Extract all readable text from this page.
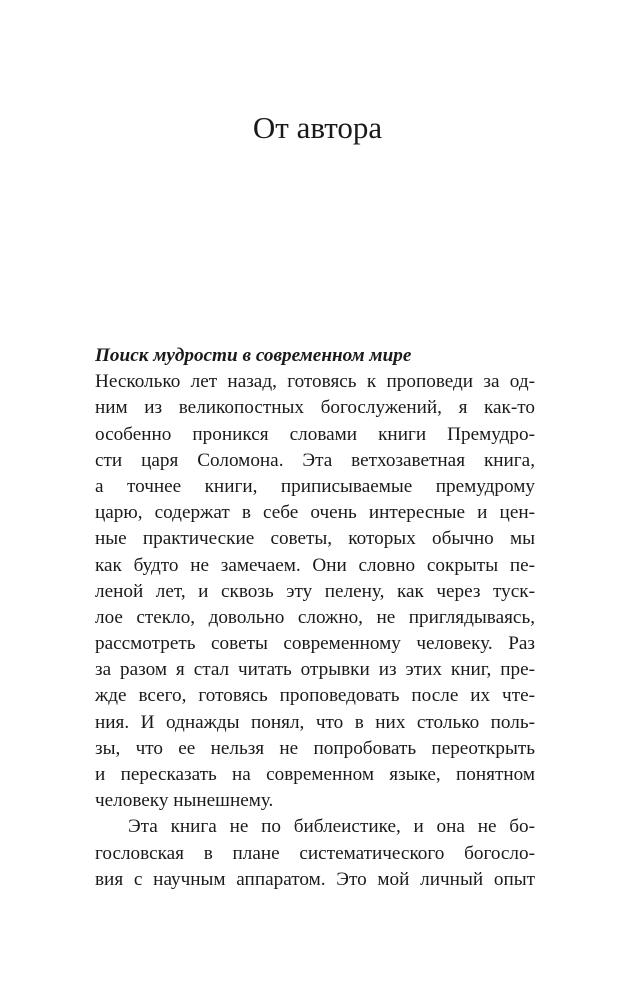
От автора
Поиск мудрости в современном мире
Несколько лет назад, готовясь к проповеди за од-
ним из великопостных богослужений, я как-то
особенно проникся словами книги Премудро-
сти царя Соломона. Эта ветхозаветная книга,
а точнее книги, приписываемые премудрому
царю, содержат в себе очень интересные и цен-
ные практические советы, которых обычно мы
как будто не замечаем. Они словно сокрыты пе-
леной лет, и сквозь эту пелену, как через туск-
лое стекло, довольно сложно, не приглядываясь,
рассмотреть советы современному человеку. Раз
за разом я стал читать отрывки из этих книг, пре-
жде всего, готовясь проповедовать после их чте-
ния. И однажды понял, что в них столько поль-
зы, что ее нельзя не попробовать переоткрыть
и пересказать на современном языке, понятном
человеку нынешнему.
Эта книга не по библеистике, и она не бо-
гословская в плане систематического богосло-
вия с научным аппаратом. Это мой личный опыт
